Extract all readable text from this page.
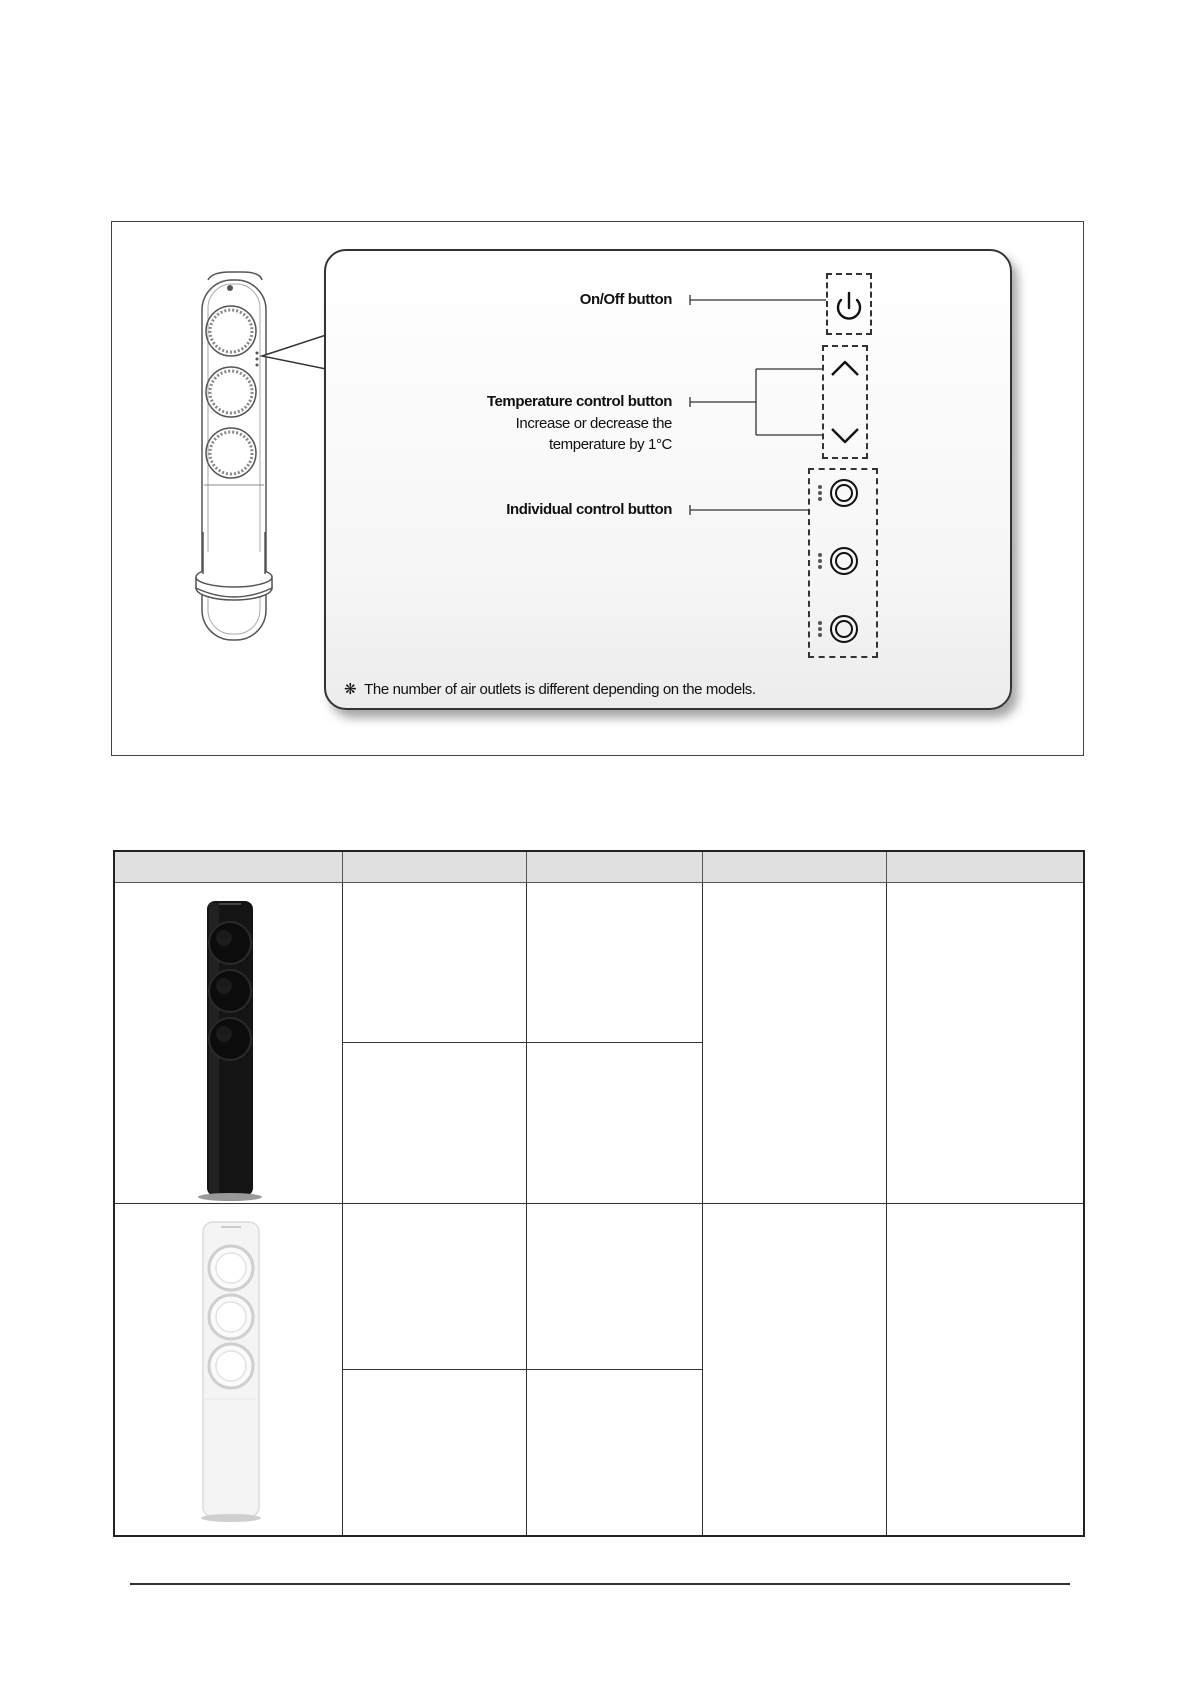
On/Off button
Temperature control button
Increase or decrease the
temperature by 1°C
Individual control button
❋ The number of air outlets is different depending on the models.
